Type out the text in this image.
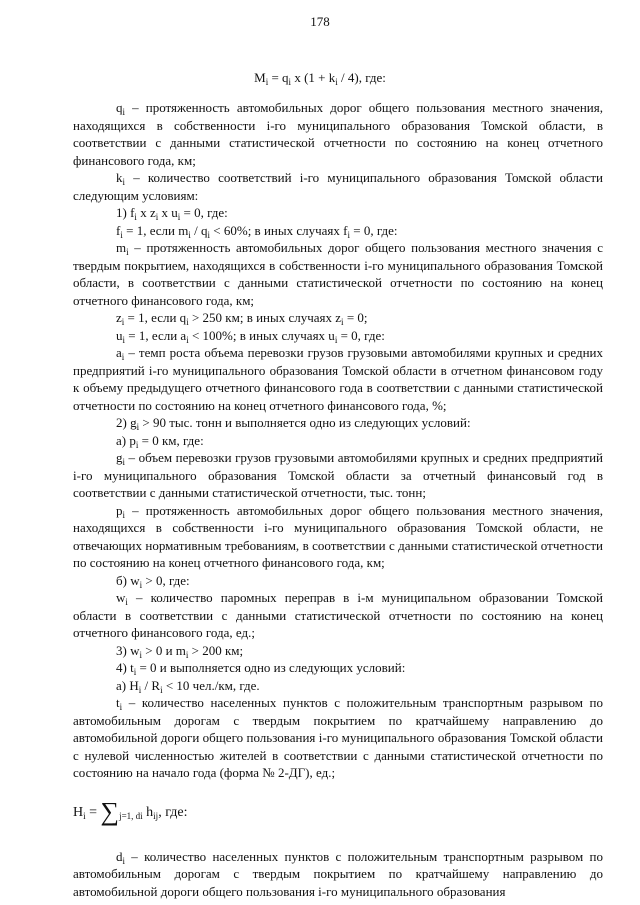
178
$M_i = q_i$ x $(1 + k_i / 4)$, где:

$q_i$ – протяженность автомобильных дорог общего пользования местного значения, находящихся в собственности i-го муниципального образования Томской области, в соответствии с данными статистической отчетности по состоянию на конец отчетного финансового года, км;

$k_i$ – количество соответствий i-го муниципального образования Томской области следующим условиям:

1) $f_i$ x $z_i$ x $u_i = 0$, где:

$f_i = 1$, если $m_i / q_i < 60\%$; в иных случаях $f_i = 0$, где:

$m_i$ – протяженность автомобильных дорог общего пользования местного значения с твердым покрытием, находящихся в собственности i-го муниципального образования Томской области, в соответствии с данными статистической отчетности по состоянию на конец отчетного финансового года, км;

$z_i = 1$, если $q_i > 250$ км; в иных случаях $z_i = 0$;

$u_i = 1$, если $a_i < 100\%$; в иных случаях $u_i = 0$, где:

$a_i$ – темп роста объема перевозки грузов грузовыми автомобилями крупных и средних предприятий i-го муниципального образования Томской области в отчетном финансовом году к объему предыдущего отчетного финансового года в соответствии с данными статистической отчетности по состоянию на конец отчетного финансового года, %;

2) $g_i > 90$ тыс. тонн и выполняется одно из следующих условий:

а) $p_i = 0$ км, где:

$g_i$ – объем перевозки грузов грузовыми автомобилями крупных и средних предприятий i-го муниципального образования Томской области за отчетный финансовый год в соответствии с данными статистической отчетности, тыс. тонн;

$p_i$ – протяженность автомобильных дорог общего пользования местного значения, находящихся в собственности i-го муниципального образования Томской области, не отвечающих нормативным требованиям, в соответствии с данными статистической отчетности по состоянию на конец отчетного финансового года, км;

б) $w_i > 0$, где:

$w_i$ – количество паромных переправ в i-м муниципальном образовании Томской области в соответствии с данными статистической отчетности по состоянию на конец отчетного финансового года, ед.;

3) $w_i > 0$ и $m_i > 200$ км;

4) $t_i = 0$ и выполняется одно из следующих условий:

а) $H_i / R_i < 10$ чел./км, где.

$t_i$ – количество населенных пунктов с положительным транспортным разрывом по автомобильным дорогам с твердым покрытием по кратчайшему направлению до автомобильной дороги общего пользования i-го муниципального образования Томской области с нулевой численностью жителей в соответствии с данными статистической отчетности по состоянию на начало года (форма № 2-ДГ), ед.;

$H_i = \sum_{j=1, di}$ $h_{ij}$, где:

$d_i$ – количество населенных пунктов с положительным транспортным разрывом по автомобильным дорогам с твердым покрытием по кратчайшему направлению до автомобильной дороги общего пользования i-го муниципального образования
